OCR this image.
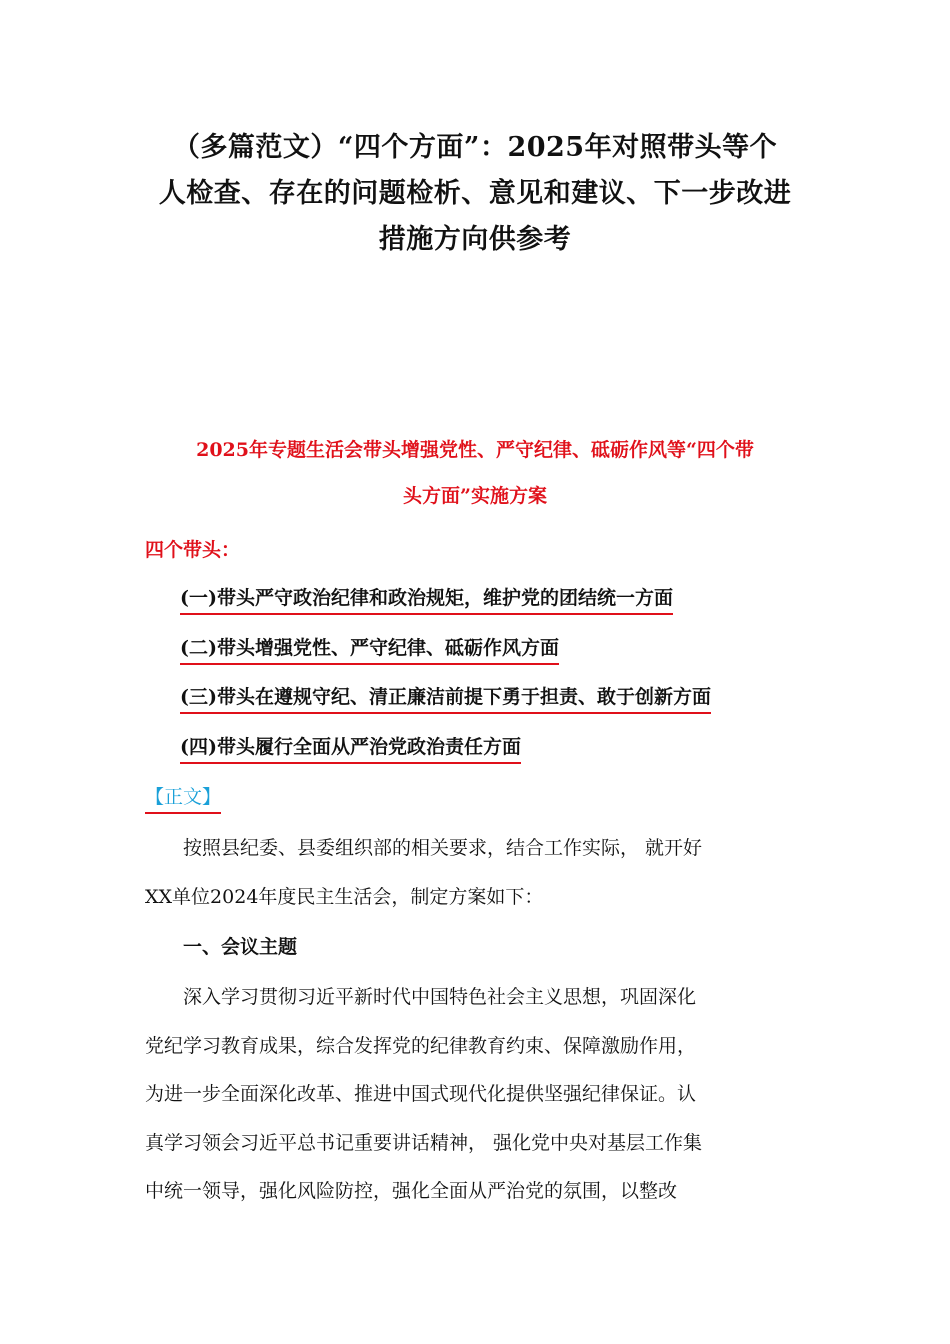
（多篇范文）“四个方面”：2025年对照带头等个
人检查、存在的问题检析、意见和建议、下一步改进
措施方向供参考
2025年专题生活会带头增强党性、严守纪律、砥砺作风等“四个带
头方面”实施方案
四个带头：
(一)带头严守政治纪律和政治规矩，维护党的团结统一方面
(二)带头增强党性、严守纪律、砥砺作风方面
(三)带头在遵规守纪、清正廉洁前提下勇于担责、敢于创新方面
(四)带头履行全面从严治党政治责任方面
【正文】
按照县纪委、县委组织部的相关要求，结合工作实际， 就开好
XX单位2024年度民主生活会，制定方案如下：
一、会议主题
深入学习贯彻习近平新时代中国特色社会主义思想，巩固深化
党纪学习教育成果，综合发挥党的纪律教育约束、保障激励作用，
为进一步全面深化改革、推进中国式现代化提供坚强纪律保证。认
真学习领会习近平总书记重要讲话精神， 强化党中央对基层工作集
中统一领导，强化风险防控，强化全面从严治党的氛围，以整改
